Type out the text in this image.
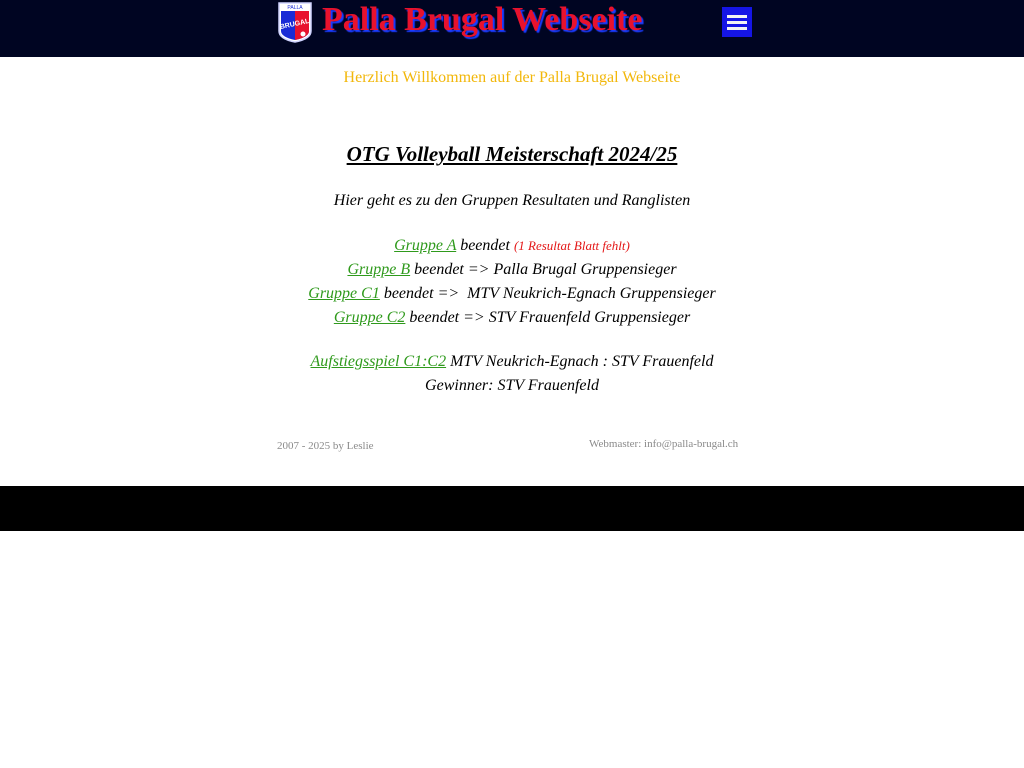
PALLA
BRUGAL Palla Brugal Webseite
Herzlich Willkommen auf der Palla Brugal Webseite
OTG Volleyball Meisterschaft 2024/25
Hier geht es zu den Gruppen Resultaten und Ranglisten
Gruppe A beendet (1 Resultat Blatt fehlt)
Gruppe B beendet => Palla Brugal Gruppensieger
Gruppe C1 beendet =>  MTV Neukrich-Egnach Gruppensieger
Gruppe C2 beendet => STV Frauenfeld Gruppensieger
Aufstiegsspiel C1:C2 MTV Neukrich-Egnach : STV Frauenfeld
Gewinner: STV Frauenfeld
2007 - 2025 by Leslie	Webmaster: info@palla-brugal.ch
